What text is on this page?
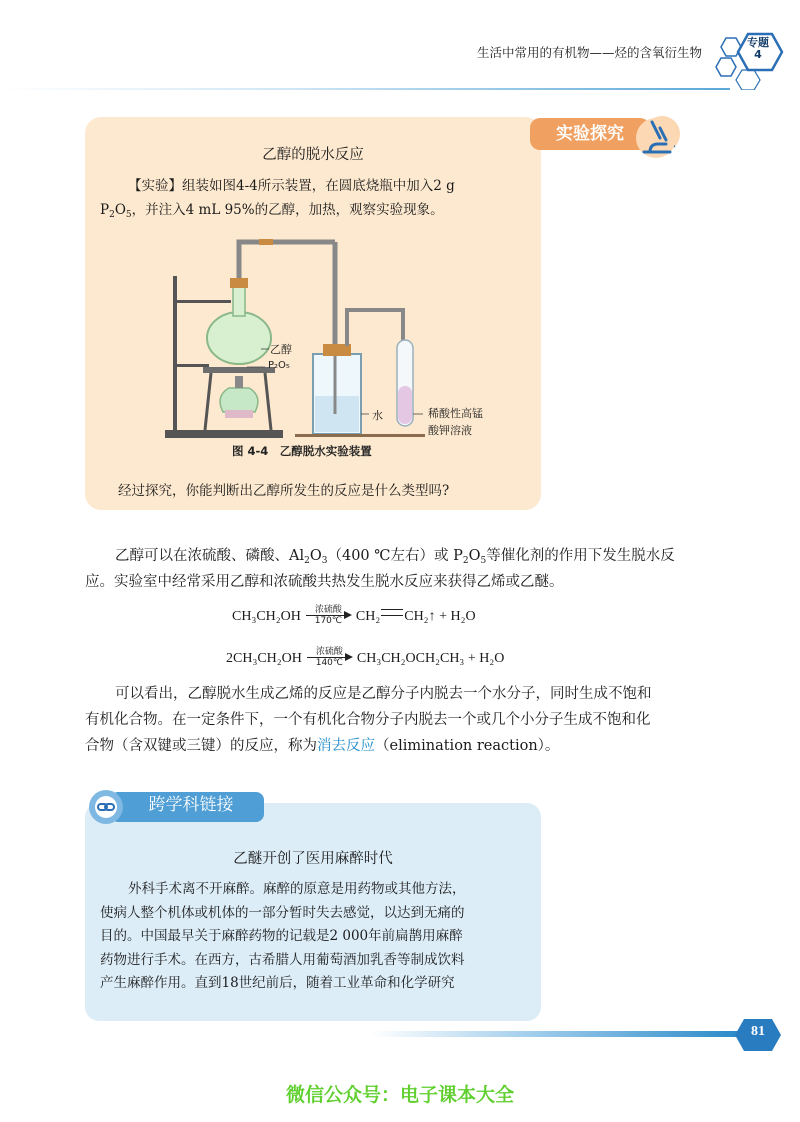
生活中常用的有机物——烃的含氧衍生物
专题
4
实验探究
乙醇的脱水反应
【实验】组装如图4-4所示装置，在圆底烧瓶中加入2 g
$P_2O_5$，并注入4 mL 95%的乙醇，加热，观察实验现象。
乙醇
P₂O₅
水	稀酸性高锰
酸钾溶液
图 4-4　乙醇脱水实验装置
经过探究，你能判断出乙醇所发生的反应是什么类型吗?
乙醇可以在浓硫酸、磷酸、$Al_2O_3(400$ ℃左右）或 $P_2O_5$等催化剂的作用下发生脱水反
应。实验室中经常采用乙醇和浓硫酸共热发生脱水反应来获得乙烯或乙醚。
CH₃CH₂OH	浓硫酸
170℃ CH₂ CH₂↑ + H₂O
2CH₃CH₂OH	浓硫酸
140℃ CH₃CH₂OCH₂CH₃ + H₂O
可以看出，乙醇脱水生成乙烯的反应是乙醇分子内脱去一个水分子，同时生成不饱和
有机化合物。在一定条件下，一个有机化合物分子内脱去一个或几个小分子生成不饱和化
合物（含双键或三键）的反应，称为消去反应（elimination reaction）。
跨学科链接
乙醚开创了医用麻醉时代
外科手术离不开麻醉。麻醉的原意是用药物或其他方法，
使病人整个机体或机体的一部分暂时失去感觉，以达到无痛的
目的。中国最早关于麻醉药物的记载是2 000年前扁鹊用麻醉
药物进行手术。在西方，古希腊人用葡萄酒加乳香等制成饮料
产生麻醉作用。直到18世纪前后，随着工业革命和化学研究
81
微信公众号：电子课本大全
